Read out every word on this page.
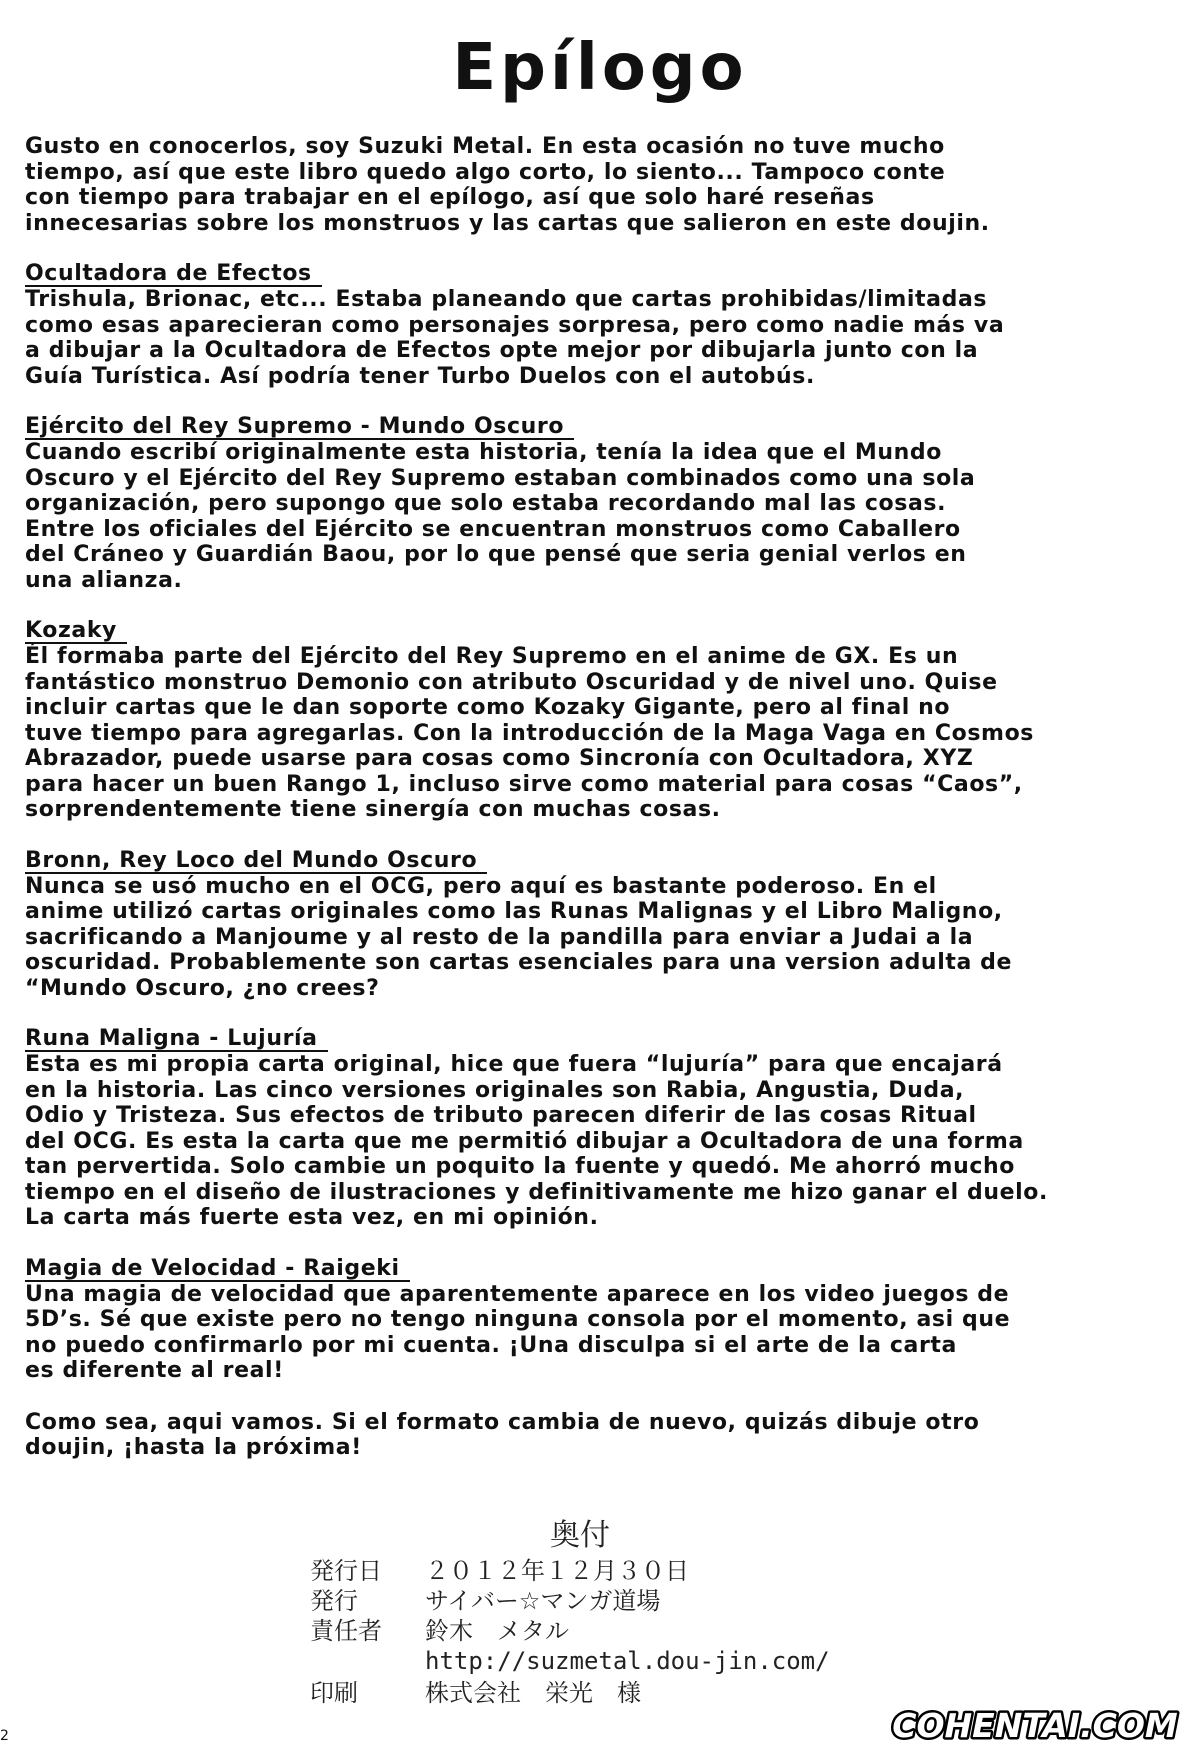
Epílogo

Gusto en conocerlos, soy Suzuki Metal. En esta ocasión no tuve mucho
tiempo, así que este libro quedo algo corto, lo siento... Tampoco conte
con tiempo para trabajar en el epílogo, así que solo haré reseñas
innecesarias sobre los monstruos y las cartas que salieron en este doujin.

Ocultadora de Efectos

Trishula, Brionac, etc... Estaba planeando que cartas prohibidas/limitadas
como esas aparecieran como personajes sorpresa, pero como nadie más va
a dibujar a la Ocultadora de Efectos opte mejor por dibujarla junto con la
Guía Turística. Así podría tener Turbo Duelos con el autobús.

Ejército del Rey Supremo - Mundo Oscuro

Cuando escribí originalmente esta historia, tenía la idea que el Mundo
Oscuro y el Ejército del Rey Supremo estaban combinados como una sola
organización, pero supongo que solo estaba recordando mal las cosas.
Entre los oficiales del Ejército se encuentran monstruos como Caballero
del Cráneo y Guardián Baou, por lo que pensé que seria genial verlos en
una alianza.

Kozaky

Él formaba parte del Ejército del Rey Supremo en el anime de GX. Es un
fantástico monstruo Demonio con atributo Oscuridad y de nivel uno. Quise
incluir cartas que le dan soporte como Kozaky Gigante, pero al final no
tuve tiempo para agregarlas. Con la introducción de la Maga Vaga en Cosmos
Abrazador, puede usarse para cosas como Sincronía con Ocultadora, XYZ
para hacer un buen Rango 1, incluso sirve como material para cosas “Caos”,
sorprendentemente tiene sinergía con muchas cosas.

Bronn, Rey Loco del Mundo Oscuro

Nunca se usó mucho en el OCG, pero aquí es bastante poderoso. En el
anime utilizó cartas originales como las Runas Malignas y el Libro Maligno,
sacrificando a Manjoume y al resto de la pandilla para enviar a Judai a la
oscuridad. Probablemente son cartas esenciales para una version adulta de
“Mundo Oscuro, ¿no crees?

Runa Maligna - Lujuría

Esta es mi propia carta original, hice que fuera “lujuría” para que encajará
en la historia. Las cinco versiones originales son Rabia, Angustia, Duda,
Odio y Tristeza. Sus efectos de tributo parecen diferir de las cosas Ritual
del OCG. Es esta la carta que me permitió dibujar a Ocultadora de una forma
tan pervertida. Solo cambie un poquito la fuente y quedó. Me ahorró mucho
tiempo en el diseño de ilustraciones y definitivamente me hizo ganar el duelo.
La carta más fuerte esta vez, en mi opinión.

Magia de Velocidad - Raigeki

Una magia de velocidad que aparentemente aparece en los video juegos de
5D’s. Sé que existe pero no tengo ninguna consola por el momento, asi que
no puedo confirmarlo por mi cuenta. ¡Una disculpa si el arte de la carta
es diferente al real!

Como sea, aqui vamos. Si el formato cambia de nuevo, quizás dibuje otro
doujin, ¡hasta la próxima!

奥付
発行日	２０１２年１２月３０日
発行	サイバー☆マンガ道場
責任者	鈴木　メタル
http://suzmetal.dou-jin.com/
印刷	株式会社　栄光　様

2	COHENTAI.COM
